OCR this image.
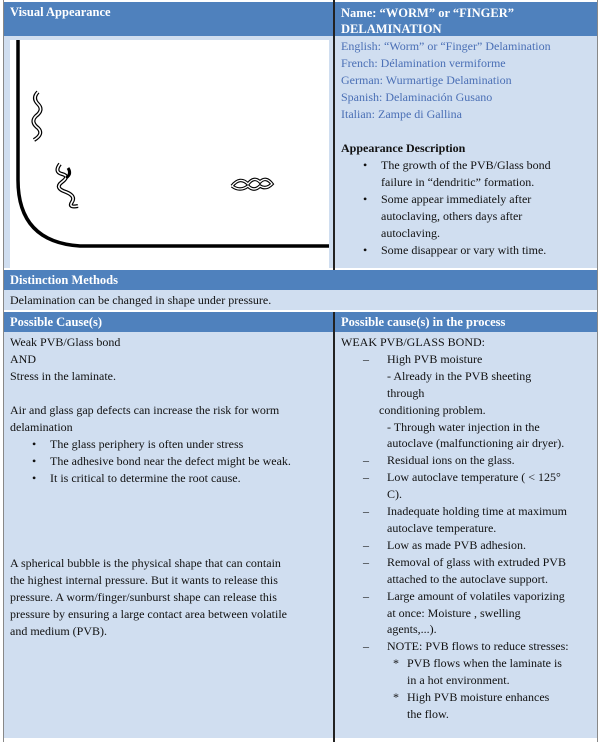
Visual Appearance	Name: “WORM” or “FINGER”
DELAMINATION
English: “Worm” or “Finger” Delamination
French: Délamination vermiforme
German: Wurmartige Delamination
Spanish: Delaminación Gusano
Italian: Zampe di Gallina
Appearance Description
• The growth of the PVB/Glass bond
failure in “dendritic” formation.
• Some appear immediately after
autoclaving, others days after
autoclaving.
• Some disappear or vary with time.
Distinction Methods
Delamination can be changed in shape under pressure.
Possible Cause(s)	Possible cause(s) in the process
Weak PVB/Glass bond
AND
Stress in the laminate.
Air and glass gap defects can increase the risk for worm
delamination
• The glass periphery is often under stress
• The adhesive bond near the defect might be weak.
• It is critical to determine the root cause.
A spherical bubble is the physical shape that can contain
the highest internal pressure. But it wants to release this
pressure. A worm/finger/sunburst shape can release this
pressure by ensuring a large contact area between volatile
and medium (PVB).
WEAK PVB/GLASS BOND:
– High PVB moisture
- Already in the PVB sheeting
through
conditioning problem.
- Through water injection in the
autoclave (malfunctioning air dryer).
– Residual ions on the glass.
– Low autoclave temperature ( < 125°
C).
– Inadequate holding time at maximum
autoclave temperature.
– Low as made PVB adhesion.
– Removal of glass with extruded PVB
attached to the autoclave support.
– Large amount of volatiles vaporizing
at once: Moisture , swelling
agents,...).
– NOTE: PVB flows to reduce stresses:
* PVB flows when the laminate is
in a hot environment.
* High PVB moisture enhances
the flow.
